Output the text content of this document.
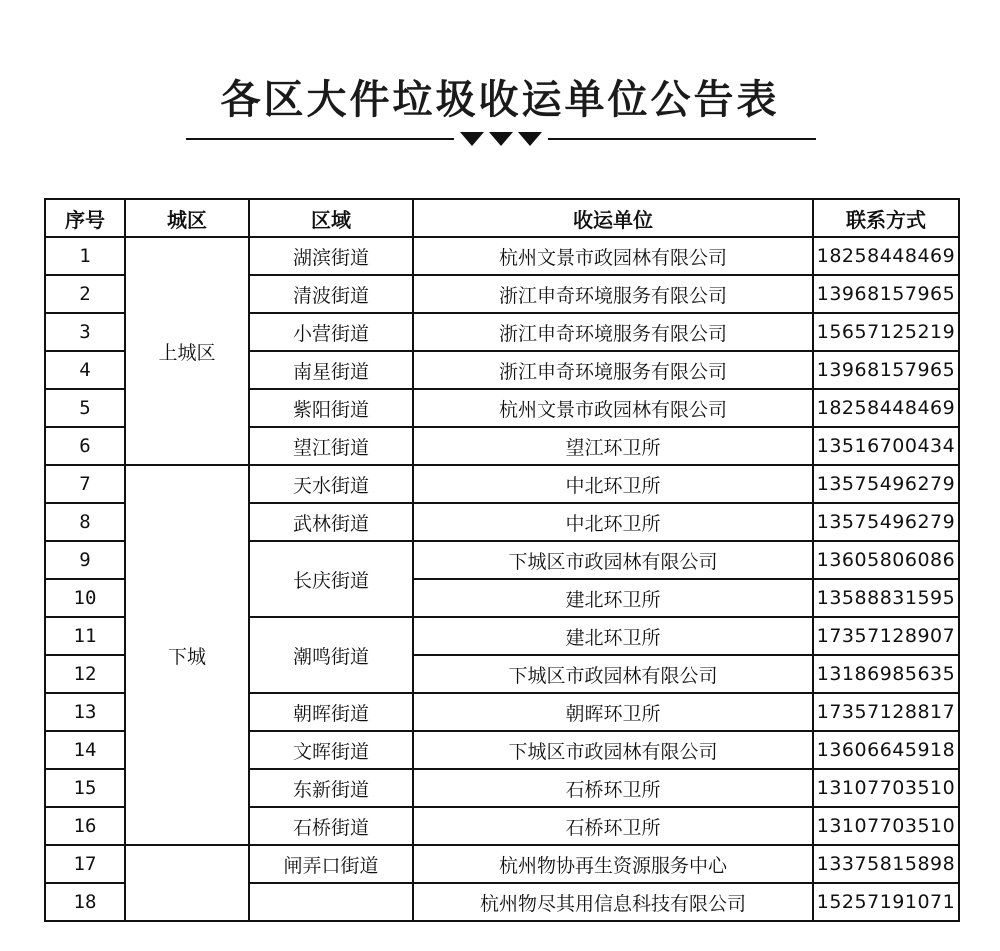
各区大件垃圾收运单位公告表
序号	城区	区域	收运单位	联系方式
1	上城区	湖滨街道	杭州文景市政园林有限公司	18258448469
2		清波街道	浙江申奇环境服务有限公司	13968157965
3		小营街道	浙江申奇环境服务有限公司	15657125219
4		南星街道	浙江申奇环境服务有限公司	13968157965
5		紫阳街道	杭州文景市政园林有限公司	18258448469
6		望江街道	望江环卫所	13516700434
7	下城	天水街道	中北环卫所	13575496279
8		武林街道	中北环卫所	13575496279
9		长庆街道	下城区市政园林有限公司	13605806086
10			建北环卫所	13588831595
11		潮鸣街道	建北环卫所	17357128907
12			下城区市政园林有限公司	13186985635
13		朝晖街道	朝晖环卫所	17357128817
14		文晖街道	下城区市政园林有限公司	13606645918
15		东新街道	石桥环卫所	13107703510
16		石桥街道	石桥环卫所	13107703510
17		闸弄口街道	杭州物协再生资源服务中心	13375815898
18			杭州物尽其用信息科技有限公司	15257191071
